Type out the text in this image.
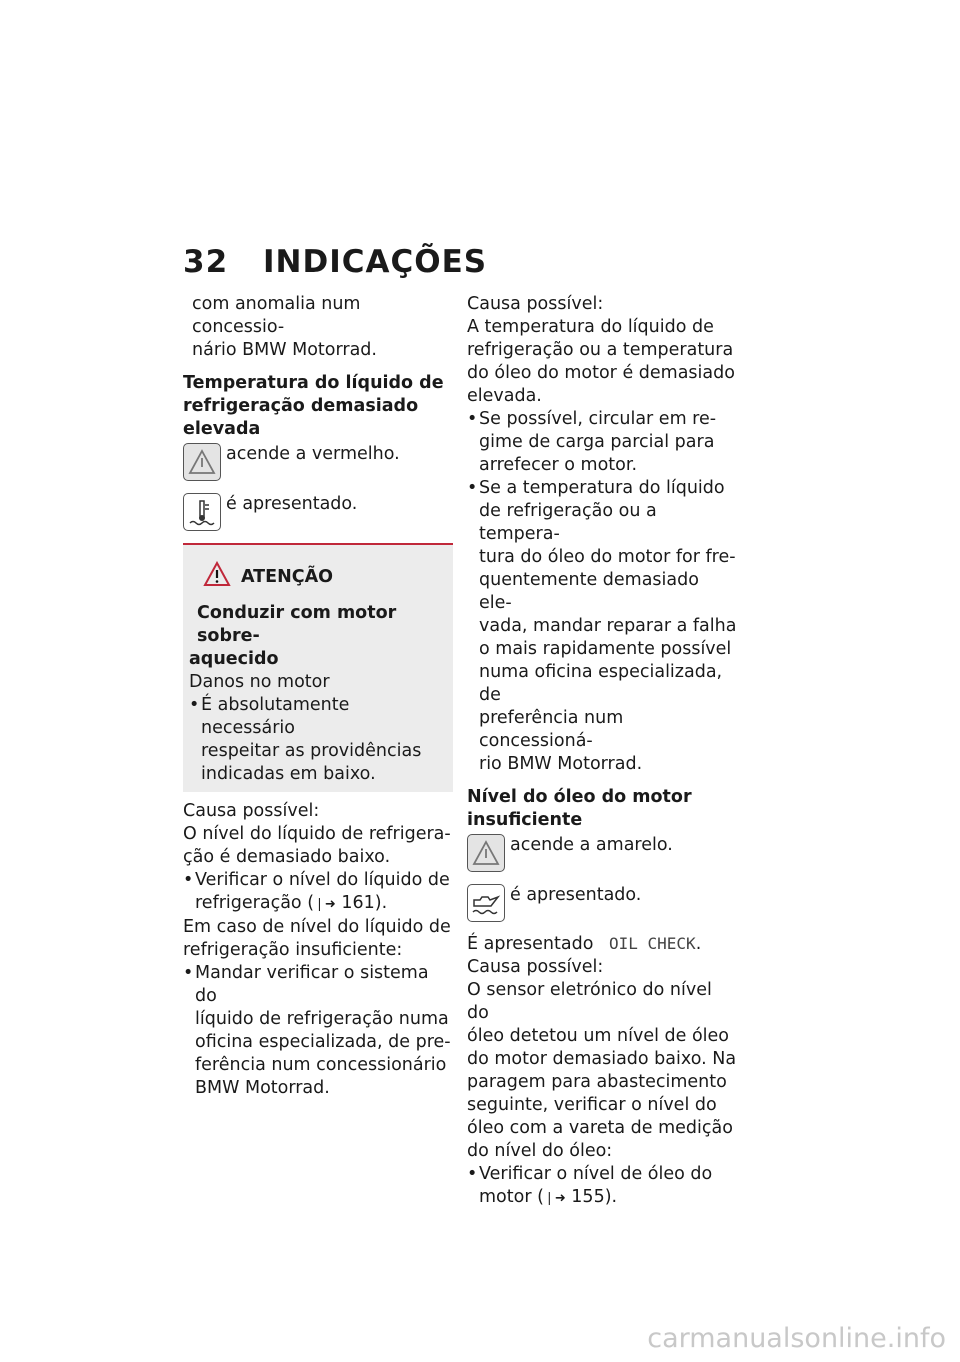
32 INDICAÇÕES

com anomalia num concessio-

nário BMW Motorrad.

Temperatura do líquido de

refrigeração demasiado

elevada

acende a vermelho.

é apresentado.

ATENÇÃO

Conduzir com motor sobre-

aquecido

Danos no motor

• É absolutamente necessário

respeitar as providências

indicadas em baixo.

Causa possível:

O nível do líquido de refrigera-

ção é demasiado baixo.

• Verificar o nível do líquido de

refrigeração (❘➜ 161).

Em caso de nível do líquido de

refrigeração insuficiente:

• Mandar verificar o sistema do

líquido de refrigeração numa

oficina especializada, de pre-

ferência num concessionário

BMW Motorrad.

Causa possível:

A temperatura do líquido de

refrigeração ou a temperatura

do óleo do motor é demasiado

elevada.

• Se possível, circular em re-

gime de carga parcial para

arrefecer o motor.

• Se a temperatura do líquido

de refrigeração ou a tempera-

tura do óleo do motor for fre-

quentemente demasiado ele-

vada, mandar reparar a falha

o mais rapidamente possível

numa oficina especializada, de

preferência num concessioná-

rio BMW Motorrad.

Nível do óleo do motor

insuficiente

acende a amarelo.

é apresentado.

É apresentado OIL CHECK.

Causa possível:

O sensor eletrónico do nível do

óleo detetou um nível de óleo

do motor demasiado baixo. Na

paragem para abastecimento

seguinte, verificar o nível do

óleo com a vareta de medição

do nível do óleo:

• Verificar o nível de óleo do

motor (❘➜ 155).

carmanualsonline.info
